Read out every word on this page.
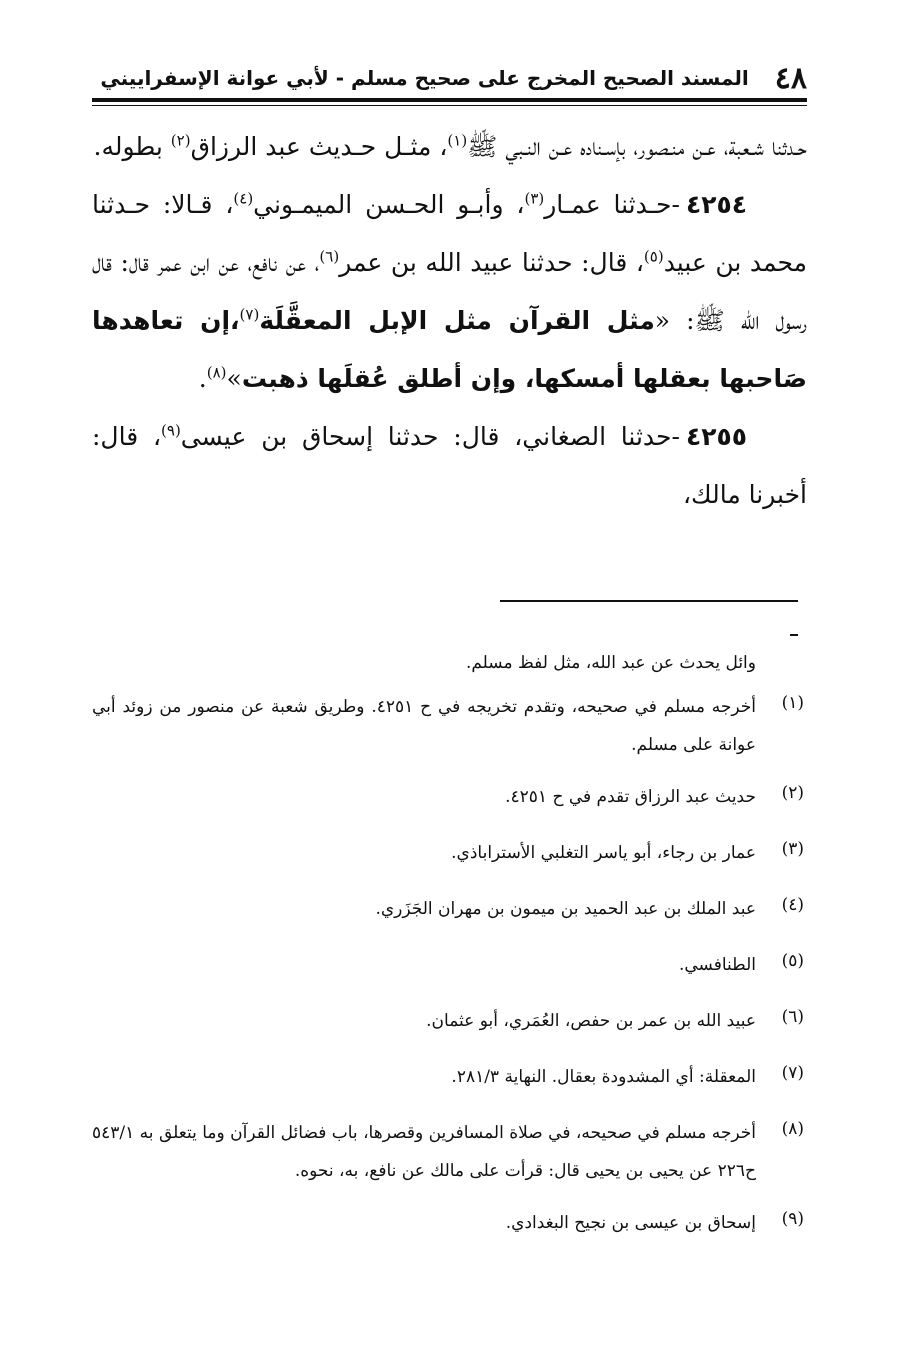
٤٨
المسند الصحيح المخرج على صحيح مسلم - لأبي عوانة الإسفراييني

حـدثنا شـعبة، عـن منـصور، بإسـناده عـن النـبي ﷺ$^{(١)}$، مثـل حـديث عبد الرزاق$^{(٢)}$ بطوله.

٤٢٥٤-حـدثنا عمـار$^{(٣)}$، وأبـو الحـسن الميمـوني$^{(٤)}$، قـالا: حـدثنا محمد بن عبيد$^{(٥)}$، قال: حدثنا عبيد الله بن عمر$^{(٦)}$، عن نافع، عن ابن عمر قال: قال رسول الله ﷺ: «مثل القرآن مثل الإبل المعقَّلَة$^{(٧)}$،إن تعاهدها صَاحبها بعقلها أمسكها، وإن أطلق عُقلَها ذهبت»$^{(٨)}$.

٤٢٥٥-حدثنا الصغاني، قال: حدثنا إسحاق بن عيسى$^{(٩)}$، قال: أخبرنا مالك،

وائل يحدث عن عبد الله، مثل لفظ مسلم.

(١)
أخرجه مسلم في صحيحه، وتقدم تخريجه في ح ٤٢٥١. وطريق شعبة عن منصور من زوئد أبي عوانة على مسلم.
(٢)
حديث عبد الرزاق تقدم في ح ٤٢٥١.
(٣)
عمار بن رجاء، أبو ياسر التغلبي الأستراباذي.
(٤)
عبد الملك بن عبد الحميد بن ميمون بن مهران الجَزَري.
(٥)
الطنافسي.
(٦)
عبيد الله بن عمر بن حفص، العُمَري، أبو عثمان.
(٧)
المعقلة: أي المشدودة بعقال. النهاية ٢٨١/٣.
(٨)
أخرجه مسلم في صحيحه، في صلاة المسافرين وقصرها، باب فضائل القرآن وما يتعلق به ٥٤٣/١ ح٢٢٦ عن يحيى بن يحيى قال: قرأت على مالك عن نافع، به، نحوه.
(٩)
إسحاق بن عيسى بن نجيح البغدادي.
